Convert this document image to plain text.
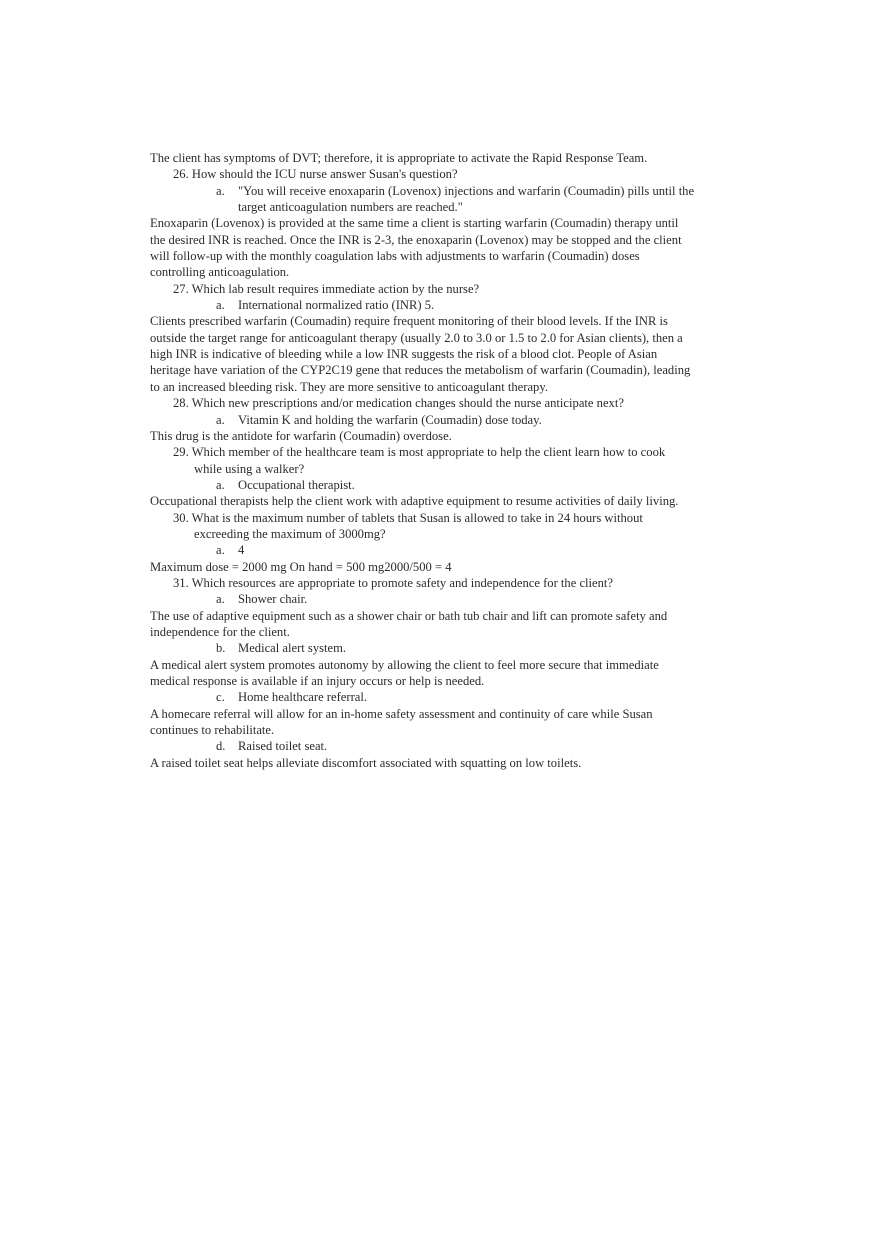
The client has symptoms of DVT; therefore, it is appropriate to activate the Rapid Response Team.

26. How should the ICU nurse answer Susan's question?

a. "You will receive enoxaparin (Lovenox) injections and warfarin (Coumadin) pills until the target anticoagulation numbers are reached."

Enoxaparin (Lovenox) is provided at the same time a client is starting warfarin (Coumadin) therapy until the desired INR is reached. Once the INR is 2-3, the enoxaparin (Lovenox) may be stopped and the client will follow-up with the monthly coagulation labs with adjustments to warfarin (Coumadin) doses controlling anticoagulation.

27. Which lab result requires immediate action by the nurse?

a. International normalized ratio (INR) 5.

Clients prescribed warfarin (Coumadin) require frequent monitoring of their blood levels. If the INR is outside the target range for anticoagulant therapy (usually 2.0 to 3.0 or 1.5 to 2.0 for Asian clients), then a high INR is indicative of bleeding while a low INR suggests the risk of a blood clot. People of Asian heritage have variation of the CYP2C19 gene that reduces the metabolism of warfarin (Coumadin), leading to an increased bleeding risk. They are more sensitive to anticoagulant therapy.

28. Which new prescriptions and/or medication changes should the nurse anticipate next?

a. Vitamin K and holding the warfarin (Coumadin) dose today.

This drug is the antidote for warfarin (Coumadin) overdose.

29. Which member of the healthcare team is most appropriate to help the client learn how to cook while using a walker?

a. Occupational therapist.

Occupational therapists help the client work with adaptive equipment to resume activities of daily living.

30. What is the maximum number of tablets that Susan is allowed to take in 24 hours without excreeding the maximum of 3000mg?

a. 4

Maximum dose = 2000 mg On hand = 500 mg2000/500 = 4

31. Which resources are appropriate to promote safety and independence for the client?

a. Shower chair.

The use of adaptive equipment such as a shower chair or bath tub chair and lift can promote safety and independence for the client.

b. Medical alert system.

A medical alert system promotes autonomy by allowing the client to feel more secure that immediate medical response is available if an injury occurs or help is needed.

c. Home healthcare referral.

A homecare referral will allow for an in-home safety assessment and continuity of care while Susan continues to rehabilitate.

d. Raised toilet seat.

A raised toilet seat helps alleviate discomfort associated with squatting on low toilets.
